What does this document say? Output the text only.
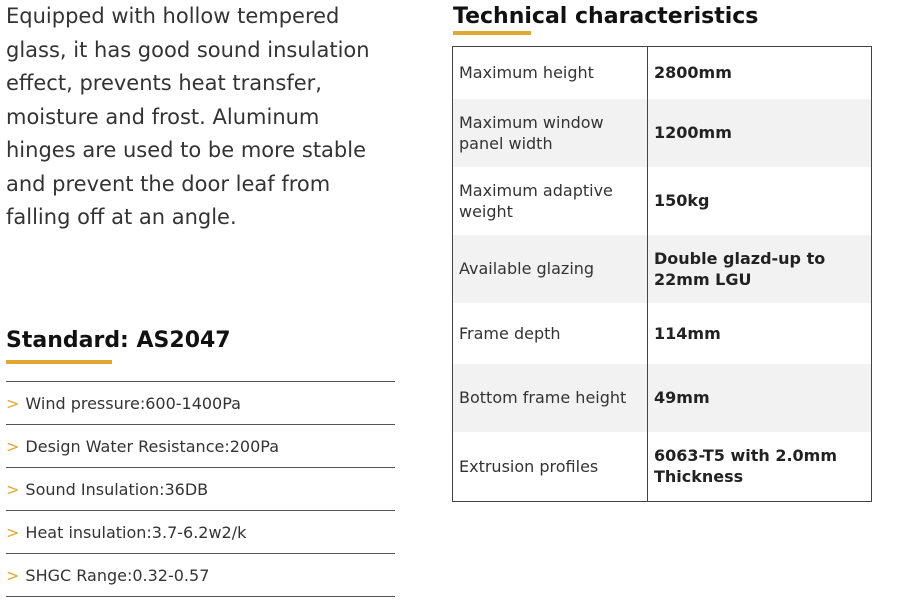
Equipped with hollow tempered glass, it has good sound insulation effect, prevents heat transfer, moisture and frost. Aluminum hinges are used to be more stable and prevent the door leaf from falling off at an angle.

Standard: AS2047
> Wind pressure:600-1400Pa
> Design Water Resistance:200Pa
> Sound Insulation:36DB
> Heat insulation:3.7-6.2w2/k
> SHGC Range:0.32-0.57
Technical characteristics
Maximum height	2800mm
Maximum window panel width	1200mm
Maximum adaptive weight	150kg
Available glazing	Double glazd-up to 22mm LGU
Frame depth	114mm
Bottom frame height	49mm
Extrusion profiles	6063-T5 with 2.0mm Thickness
